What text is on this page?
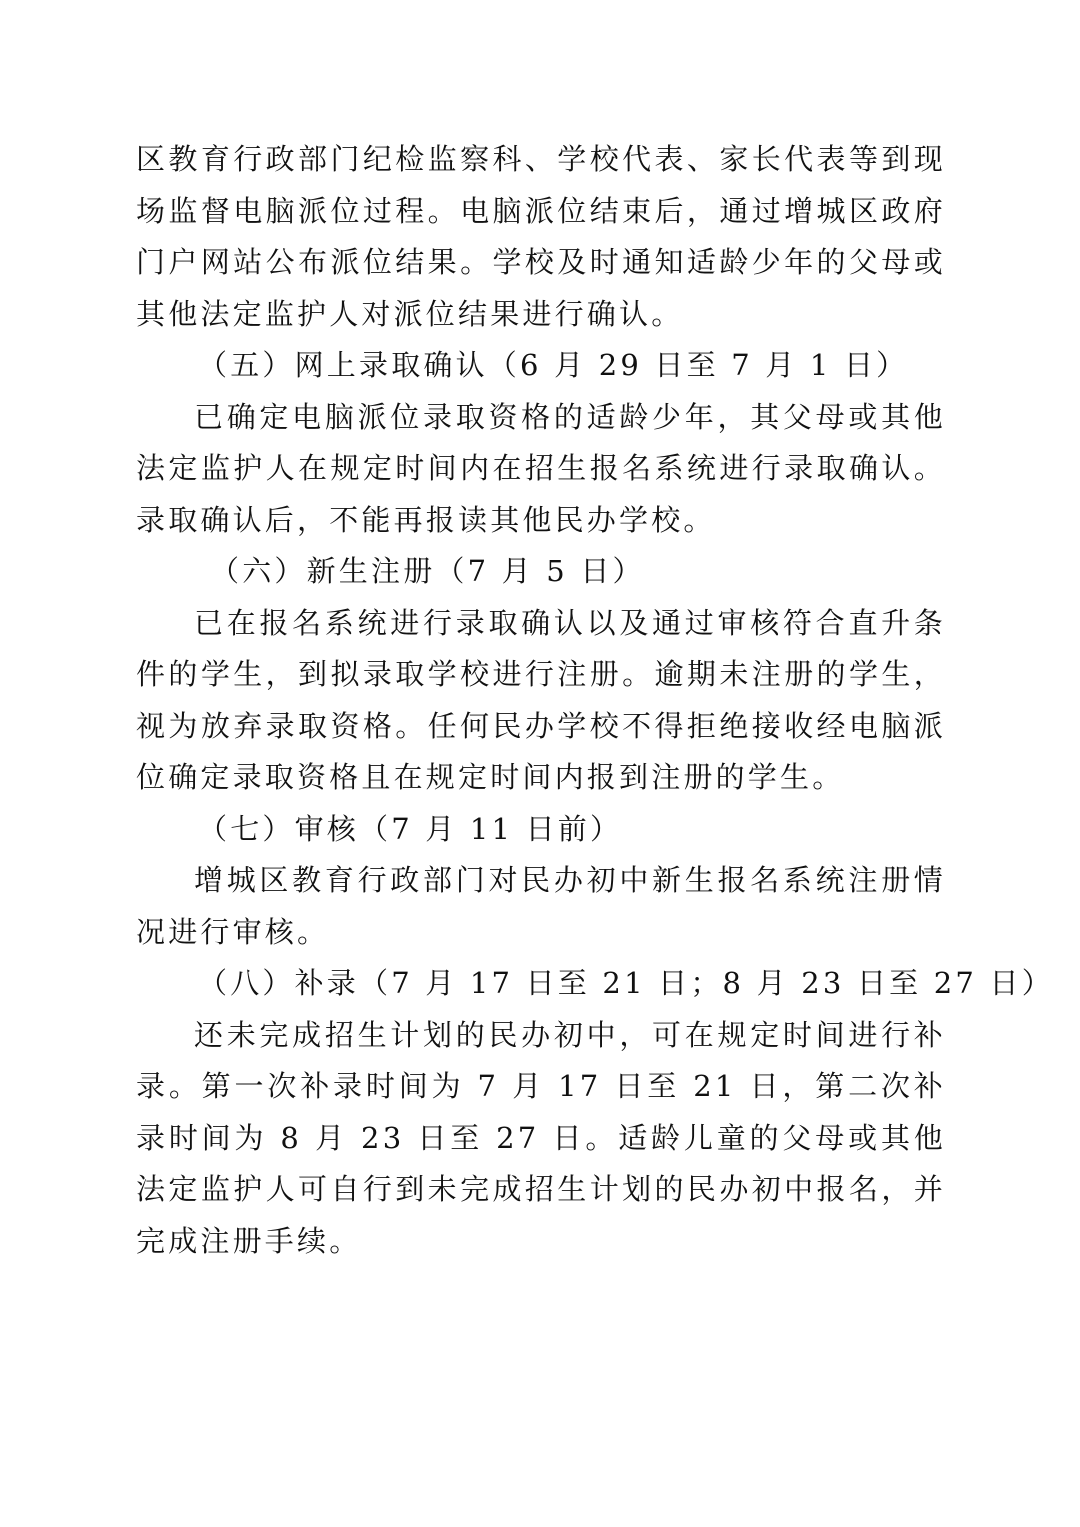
区教育行政部门纪检监察科、学校代表、家长代表等到现场监督电脑派位过程。电脑派位结束后，通过增城区政府门户网站公布派位结果。学校及时通知适龄少年的父母或其他法定监护人对派位结果进行确认。

（五）网上录取确认（6 月 29 日至 7 月 1 日）

已确定电脑派位录取资格的适龄少年，其父母或其他法定监护人在规定时间内在招生报名系统进行录取确认。录取确认后，不能再报读其他民办学校。

（六）新生注册（7 月 5 日）

已在报名系统进行录取确认以及通过审核符合直升条件的学生，到拟录取学校进行注册。逾期未注册的学生，视为放弃录取资格。任何民办学校不得拒绝接收经电脑派位确定录取资格且在规定时间内报到注册的学生。

（七）审核（7 月 11 日前）

增城区教育行政部门对民办初中新生报名系统注册情况进行审核。

（八）补录（7 月 17 日至 21 日；8 月 23 日至 27 日）

还未完成招生计划的民办初中，可在规定时间进行补录。第一次补录时间为 7 月 17 日至 21 日，第二次补录时间为 8 月 23 日至 27 日。适龄儿童的父母或其他法定监护人可自行到未完成招生计划的民办初中报名，并完成注册手续。
